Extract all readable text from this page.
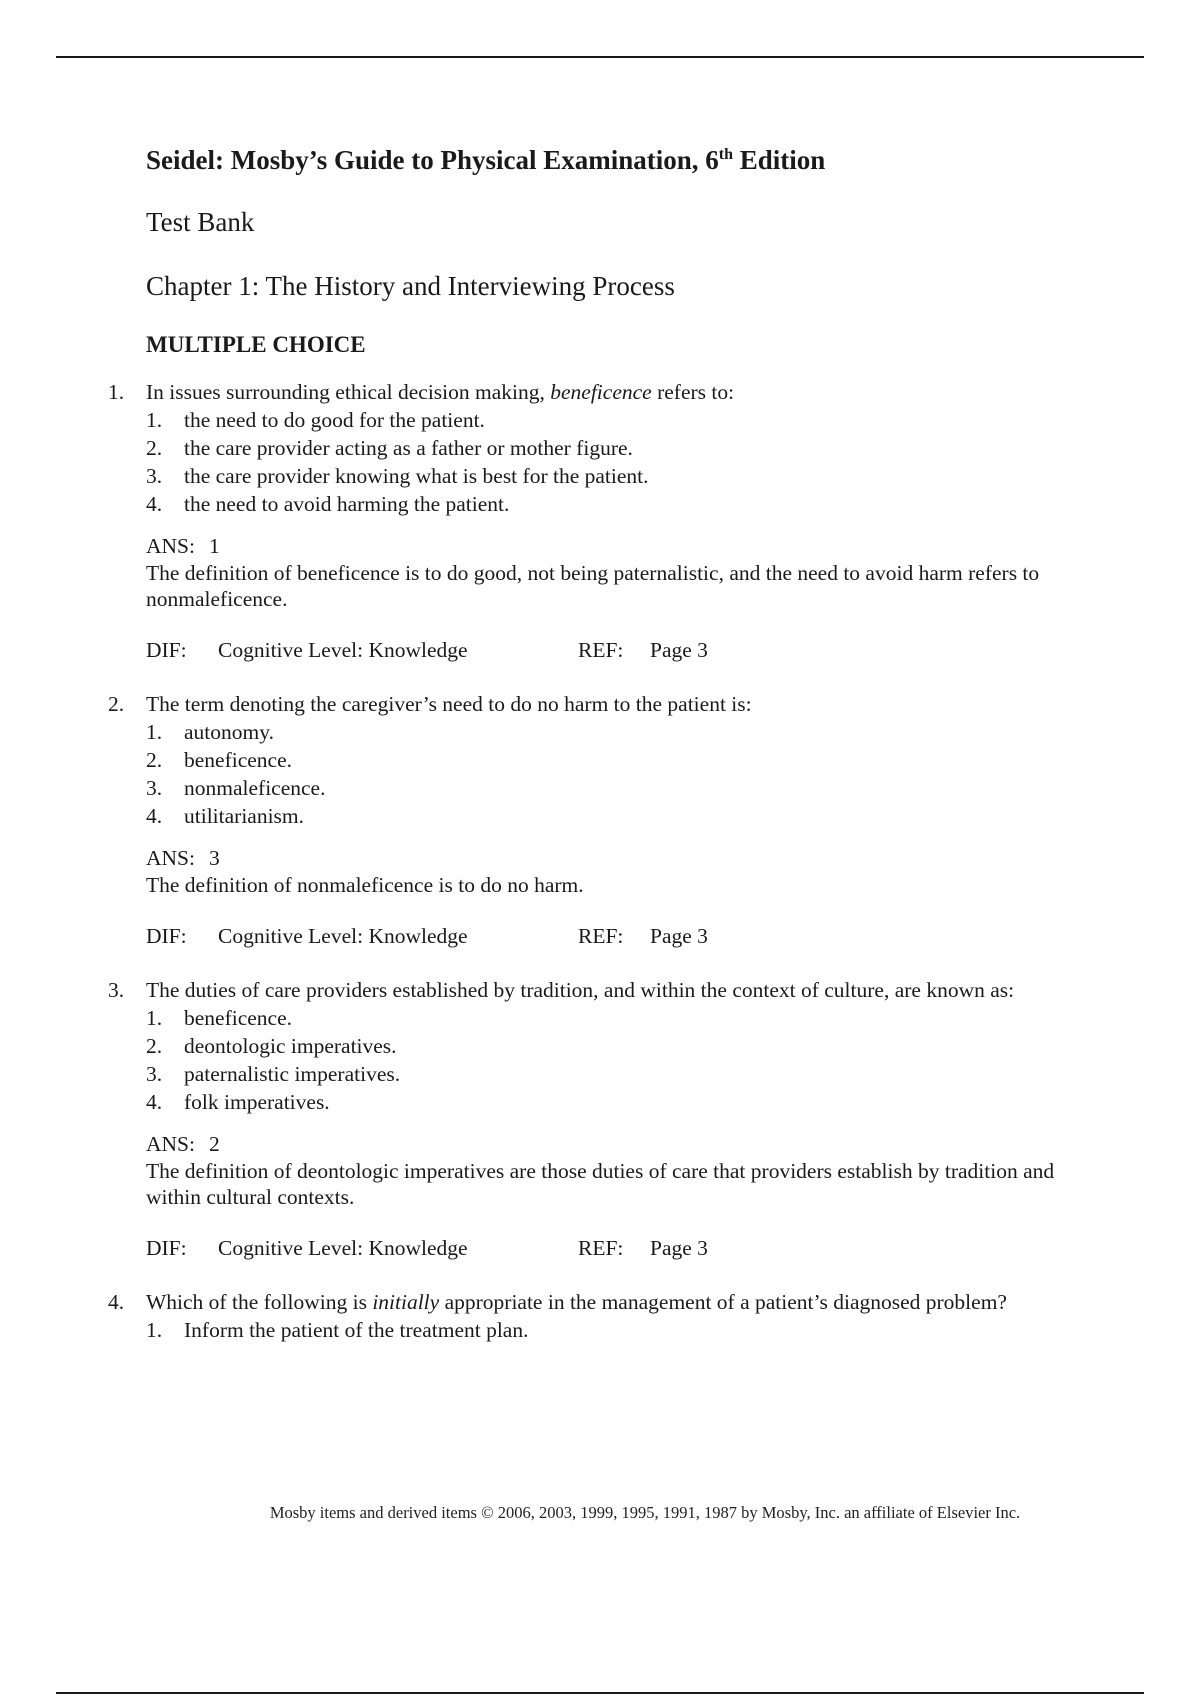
Seidel: Mosby’s Guide to Physical Examination, 6th Edition
Test Bank
Chapter 1: The History and Interviewing Process
MULTIPLE CHOICE
1. In issues surrounding ethical decision making, beneficence refers to:
1. the need to do good for the patient.
2. the care provider acting as a father or mother figure.
3. the care provider knowing what is best for the patient.
4. the need to avoid harming the patient.
ANS: 1
The definition of beneficence is to do good, not being paternalistic, and the need to avoid harm refers to nonmaleficence.
DIF:	Cognitive Level: Knowledge	REF:	Page 3
2. The term denoting the caregiver’s need to do no harm to the patient is:
1. autonomy.
2. beneficence.
3. nonmaleficence.
4. utilitarianism.
ANS: 3
The definition of nonmaleficence is to do no harm.
DIF:	Cognitive Level: Knowledge	REF:	Page 3
3. The duties of care providers established by tradition, and within the context of culture, are known as:
1. beneficence.
2. deontologic imperatives.
3. paternalistic imperatives.
4. folk imperatives.
ANS: 2
The definition of deontologic imperatives are those duties of care that providers establish by tradition and within cultural contexts.
DIF:	Cognitive Level: Knowledge	REF:	Page 3
4. Which of the following is initially appropriate in the management of a patient’s diagnosed problem?
1. Inform the patient of the treatment plan.
Mosby items and derived items © 2006, 2003, 1999, 1995, 1991, 1987 by Mosby, Inc. an affiliate of Elsevier Inc.
